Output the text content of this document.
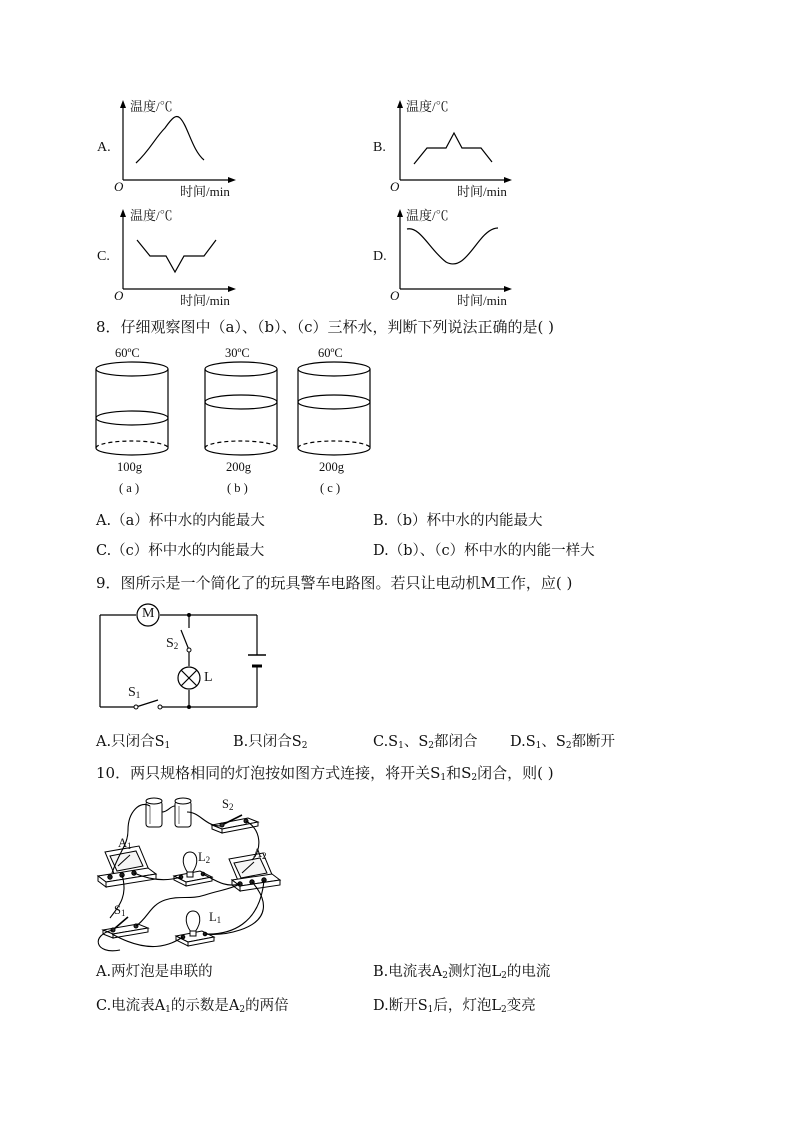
A.
温度/℃
O	时间/min
B.
温度/℃
O	时间/min
C.
温度/℃
O	时间/min
D.
温度/℃
O	时间/min
8．仔细观察图中（a）、（b）、（c）三杯水，判断下列说法正确的是( )
60ºC	30ºC	60ºC
100g	200g	200g
( a )	( b )	( c )
A.（a）杯中水的内能最大	B.（b）杯中水的内能最大
C.（c）杯中水的内能最大	D.（b）、（c）杯中水的内能一样大
9．图所示是一个简化了的玩具警车电路图。若只让电动机M工作，应( )
M
$S_2$
L
$S_1$
A.只闭合$S_1$	B.只闭合$S_2$	$C.S_1$、$S_2$都闭合 $D.S_1$、$S_2$都断开
10．两只规格相同的灯泡按如图方式连接，将开关$S_1$和$S_2$闭合，则( )
$A_1$
$L_2$	$A_2$
$S_2$
$S_1$	$L_1$
A.两灯泡是串联的	B.电流表$A_2$测灯泡$L_2$的电流
C.电流表$A_1$的示数是$A_2$的两倍	D.断开$S_1$后，灯泡$L_2$变亮
